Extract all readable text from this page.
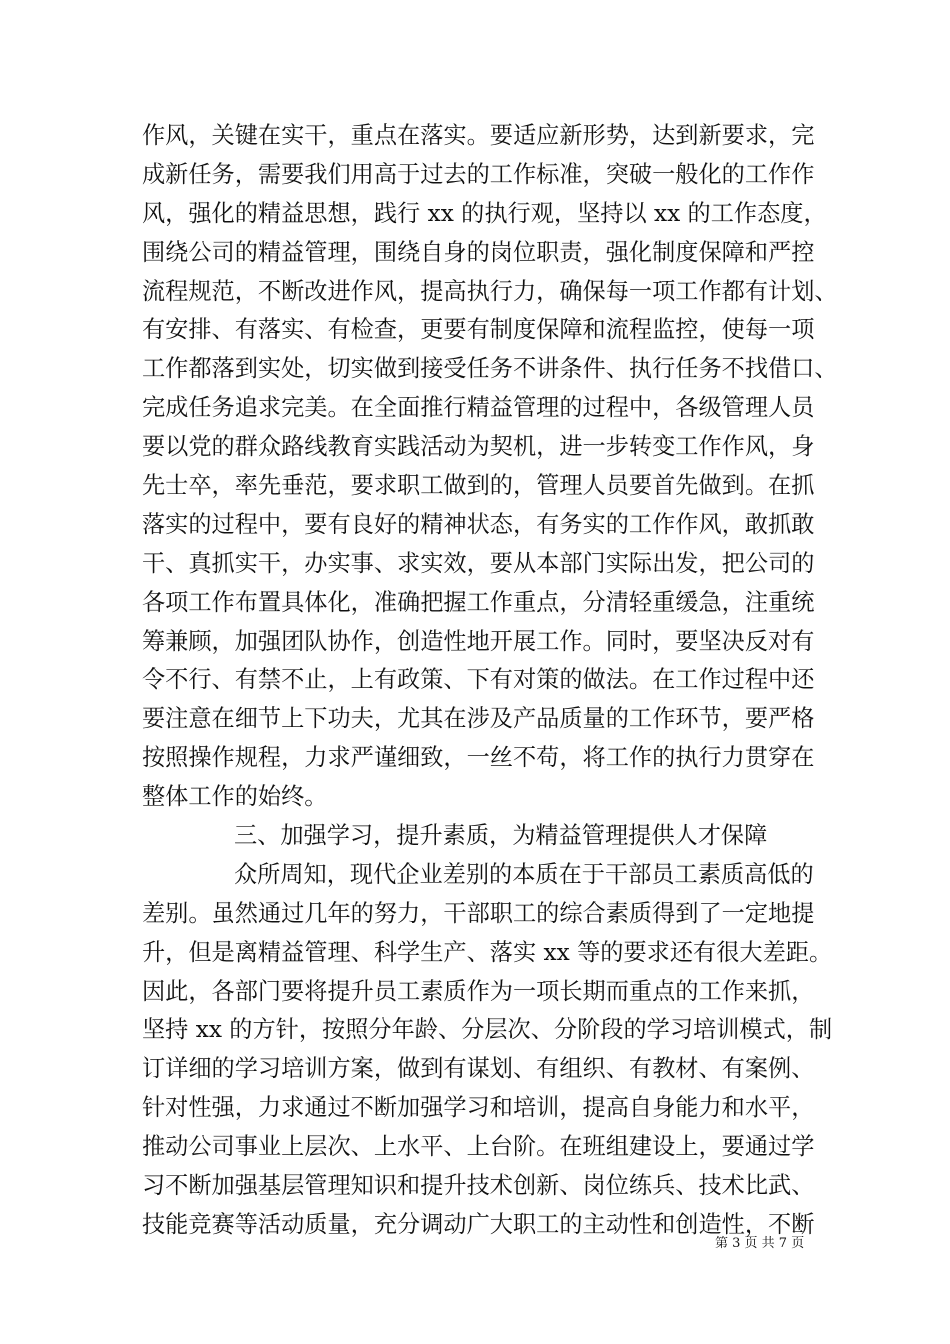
作风，关键在实干，重点在落实。要适应新形势，达到新要求，完
成新任务，需要我们用高于过去的工作标准，突破一般化的工作作
风，强化的精益思想，践行 xx 的执行观，坚持以 xx 的工作态度，
围绕公司的精益管理，围绕自身的岗位职责，强化制度保障和严控
流程规范，不断改进作风，提高执行力，确保每一项工作都有计划、
有安排、有落实、有检查，更要有制度保障和流程监控，使每一项
工作都落到实处，切实做到接受任务不讲条件、执行任务不找借口、
完成任务追求完美。在全面推行精益管理的过程中，各级管理人员
要以党的群众路线教育实践活动为契机，进一步转变工作作风，身
先士卒，率先垂范，要求职工做到的，管理人员要首先做到。在抓
落实的过程中，要有良好的精神状态，有务实的工作作风，敢抓敢
干、真抓实干，办实事、求实效，要从本部门实际出发，把公司的
各项工作布置具体化，准确把握工作重点，分清轻重缓急，注重统
筹兼顾，加强团队协作，创造性地开展工作。同时，要坚决反对有
令不行、有禁不止，上有政策、下有对策的做法。在工作过程中还
要注意在细节上下功夫，尤其在涉及产品质量的工作环节，要严格
按照操作规程，力求严谨细致，一丝不苟，将工作的执行力贯穿在
整体工作的始终。
三、加强学习，提升素质，为精益管理提供人才保障
众所周知，现代企业差别的本质在于干部员工素质高低的
差别。虽然通过几年的努力，干部职工的综合素质得到了一定地提
升，但是离精益管理、科学生产、落实 xx 等的要求还有很大差距。
因此，各部门要将提升员工素质作为一项长期而重点的工作来抓，
坚持 xx 的方针，按照分年龄、分层次、分阶段的学习培训模式，制
订详细的学习培训方案，做到有谋划、有组织、有教材、有案例、
针对性强，力求通过不断加强学习和培训，提高自身能力和水平，
推动公司事业上层次、上水平、上台阶。在班组建设上，要通过学
习不断加强基层管理知识和提升技术创新、岗位练兵、技术比武、
技能竞赛等活动质量，充分调动广大职工的主动性和创造性，不断
第 3 页 共 7 页
